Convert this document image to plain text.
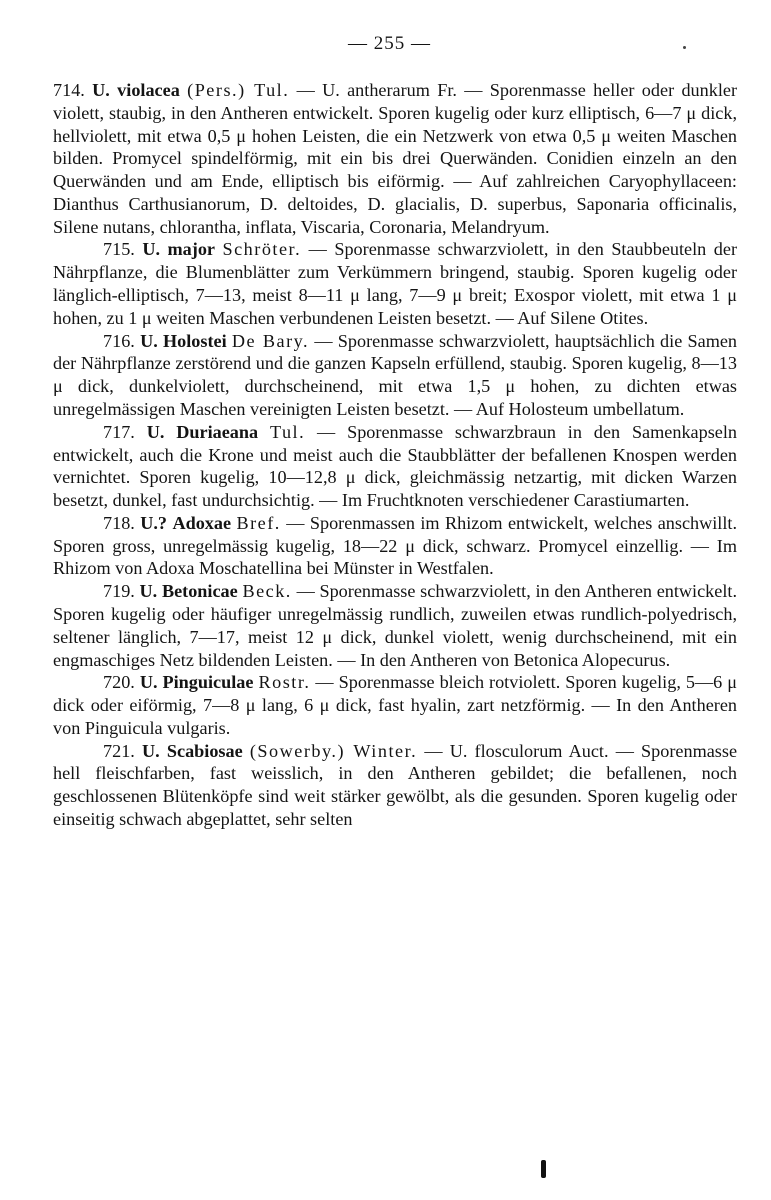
— 255 —

714. U. violacea (Pers.) Tul. — U. antherarum Fr. — Sporenmasse heller oder dunkler violett, staubig, in den Antheren entwickelt. Sporen kugelig oder kurz elliptisch, 6—7 μ dick, hellviolett, mit etwa 0,5 μ hohen Leisten, die ein Netzwerk von etwa 0,5 μ weiten Maschen bilden. Promycel spindelförmig, mit ein bis drei Querwänden. Conidien einzeln an den Querwänden und am Ende, elliptisch bis eiförmig. — Auf zahlreichen Caryophyllaceen: Dianthus Carthusianorum, D. deltoides, D. glacialis, D. superbus, Saponaria officinalis, Silene nutans, chlorantha, inflata, Viscaria, Coronaria, Melandryum.

715. U. major Schröter. — Sporenmasse schwarzviolett, in den Staubbeuteln der Nährpflanze, die Blumenblätter zum Verkümmern bringend, staubig. Sporen kugelig oder länglich-elliptisch, 7—13, meist 8—11 μ lang, 7—9 μ breit; Exospor violett, mit etwa 1 μ hohen, zu 1 μ weiten Maschen verbundenen Leisten besetzt. — Auf Silene Otites.

716. U. Holostei De Bary. — Sporenmasse schwarzviolett, hauptsächlich die Samen der Nährpflanze zerstörend und die ganzen Kapseln erfüllend, staubig. Sporen kugelig, 8—13 μ dick, dunkelviolett, durchscheinend, mit etwa 1,5 μ hohen, zu dichten etwas unregelmässigen Maschen vereinigten Leisten besetzt. — Auf Holosteum umbellatum.

717. U. Duriaeana Tul. — Sporenmasse schwarzbraun in den Samenkapseln entwickelt, auch die Krone und meist auch die Staubblätter der befallenen Knospen werden vernichtet. Sporen kugelig, 10—12,8 μ dick, gleichmässig netzartig, mit dicken Warzen besetzt, dunkel, fast undurchsichtig. — Im Fruchtknoten verschiedener Carastiumarten.

718. U.? Adoxae Bref. — Sporenmassen im Rhizom entwickelt, welches anschwillt. Sporen gross, unregelmässig kugelig, 18—22 μ dick, schwarz. Promycel einzellig. — Im Rhizom von Adoxa Moschatellina bei Münster in Westfalen.

719. U. Betonicae Beck. — Sporenmasse schwarzviolett, in den Antheren entwickelt. Sporen kugelig oder häufiger unregelmässig rundlich, zuweilen etwas rundlich-polyedrisch, seltener länglich, 7—17, meist 12 μ dick, dunkel violett, wenig durchscheinend, mit ein engmaschiges Netz bildenden Leisten. — In den Antheren von Betonica Alopecurus.

720. U. Pinguiculae Rostr. — Sporenmasse bleich rotviolett. Sporen kugelig, 5—6 μ dick oder eiförmig, 7—8 μ lang, 6 μ dick, fast hyalin, zart netzförmig. — In den Antheren von Pinguicula vulgaris.

721. U. Scabiosae (Sowerby.) Winter. — U. flosculorum Auct. — Sporenmasse hell fleischfarben, fast weisslich, in den Antheren gebildet; die befallenen, noch geschlossenen Blütenköpfe sind weit stärker gewölbt, als die gesunden. Sporen kugelig oder einseitig schwach abgeplattet, sehr selten
